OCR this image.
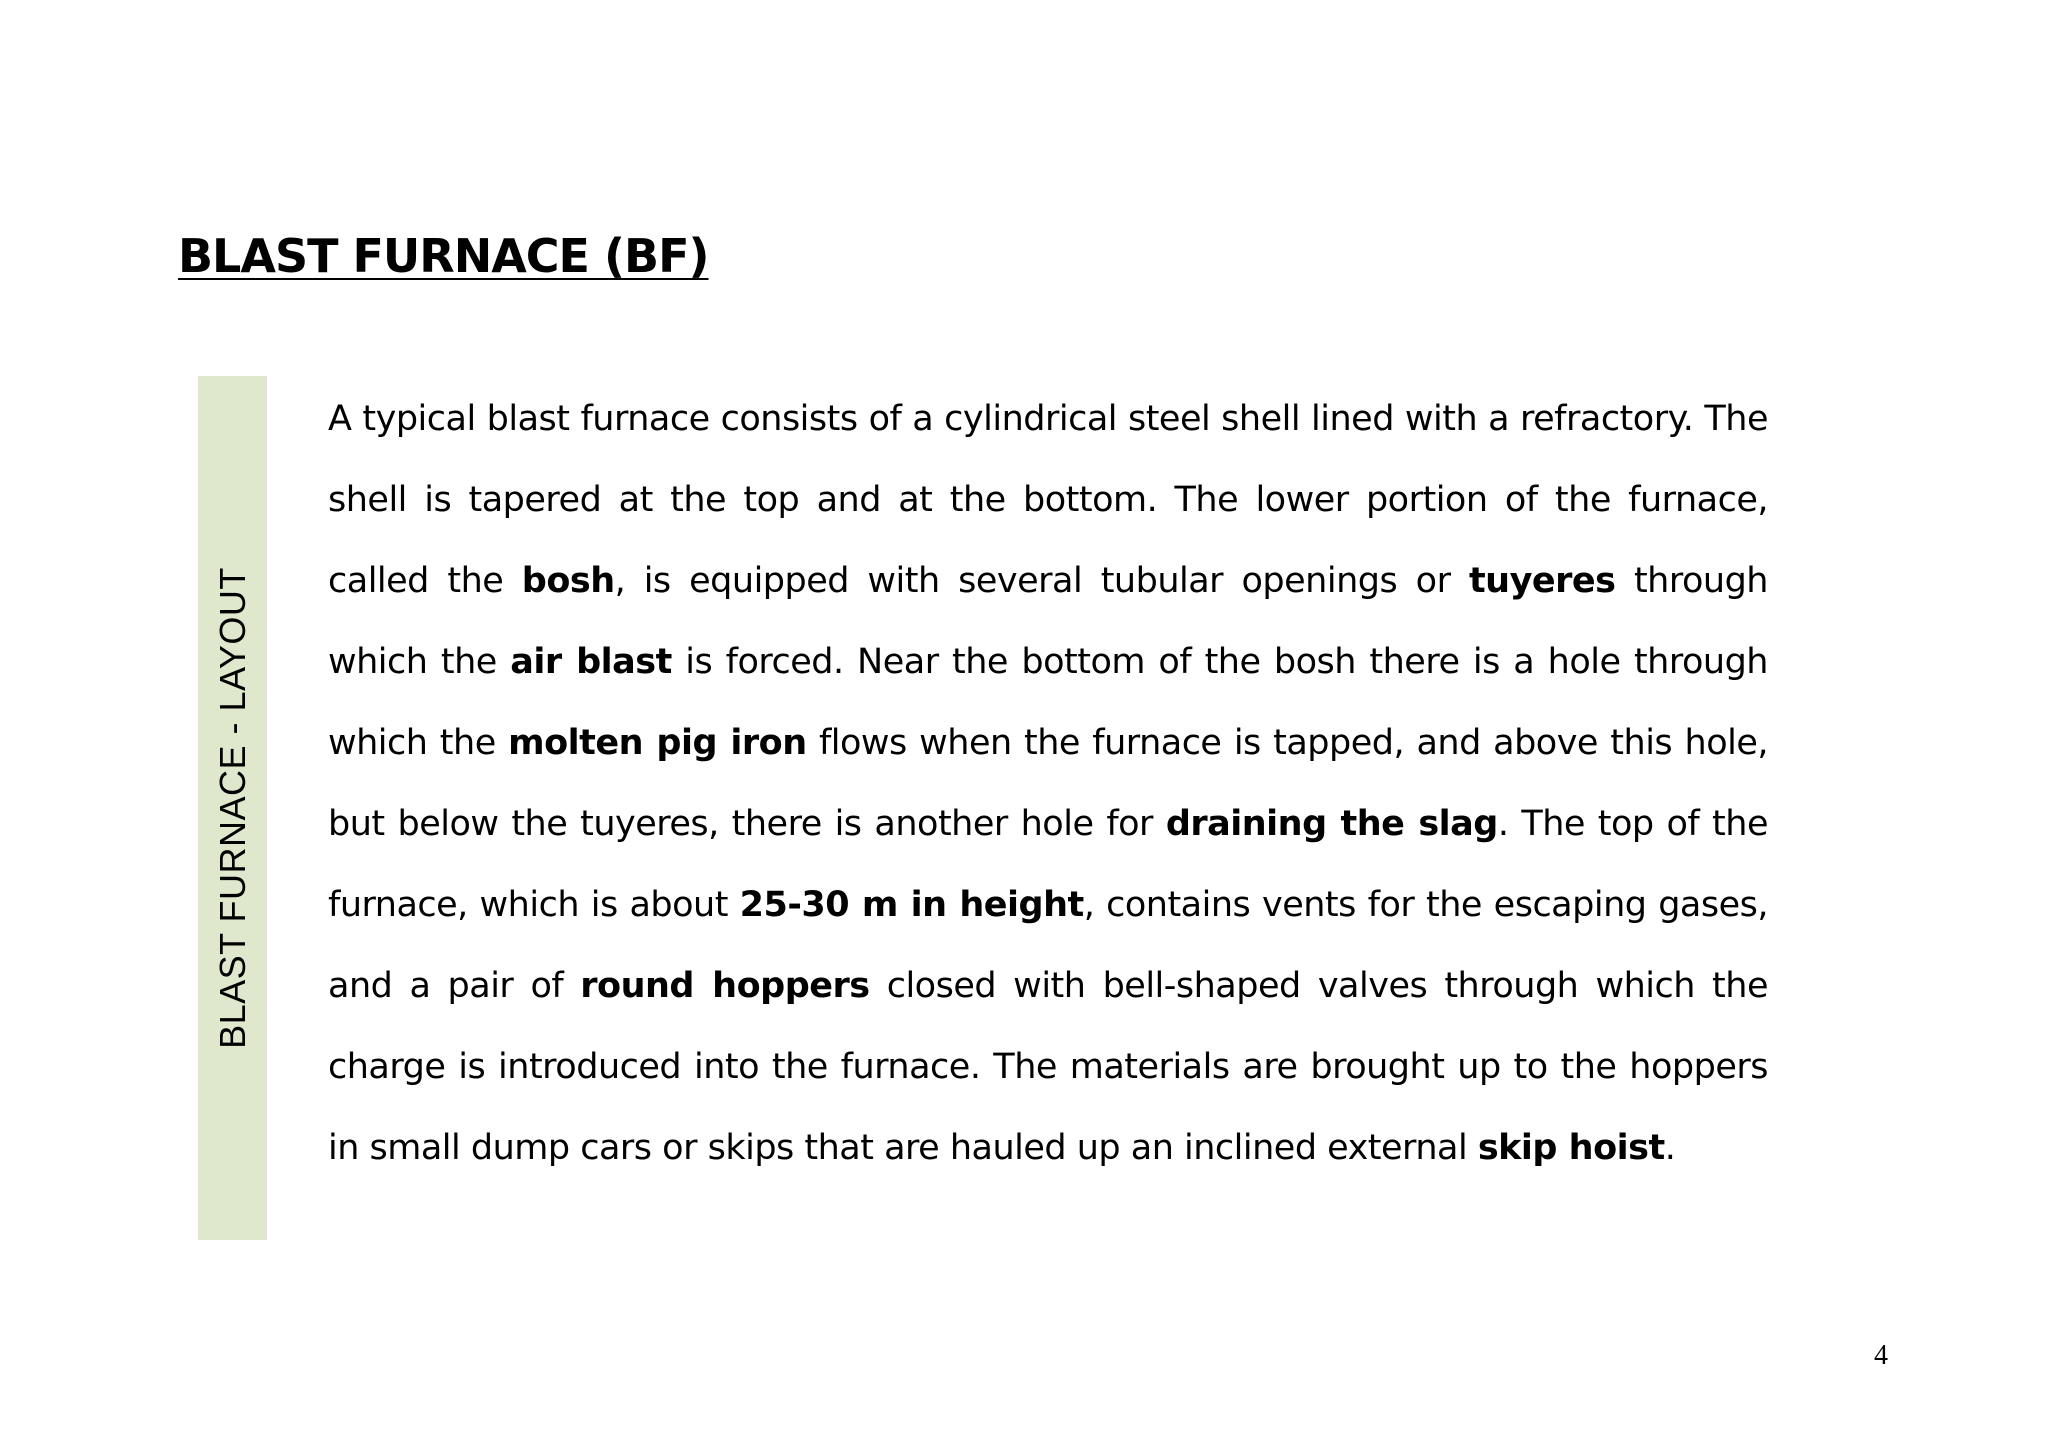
BLAST FURNACE (BF)
BLAST FURNACE - LAYOUT

A typical blast furnace consists of a cylindrical steel shell lined with a refractory. The shell is tapered at the top and at the bottom. The lower portion of the furnace, called the bosh, is equipped with several tubular openings or tuyeres through which the air blast is forced. Near the bottom of the bosh there is a hole through which the molten pig iron flows when the furnace is tapped, and above this hole, but below the tuyeres, there is another hole for draining the slag. The top of the furnace, which is about 25-30 m in height, contains vents for the escaping gases, and a pair of round hoppers closed with bell-shaped valves through which the charge is introduced into the furnace. The materials are brought up to the hoppers in small dump cars or skips that are hauled up an inclined external skip hoist.

4
